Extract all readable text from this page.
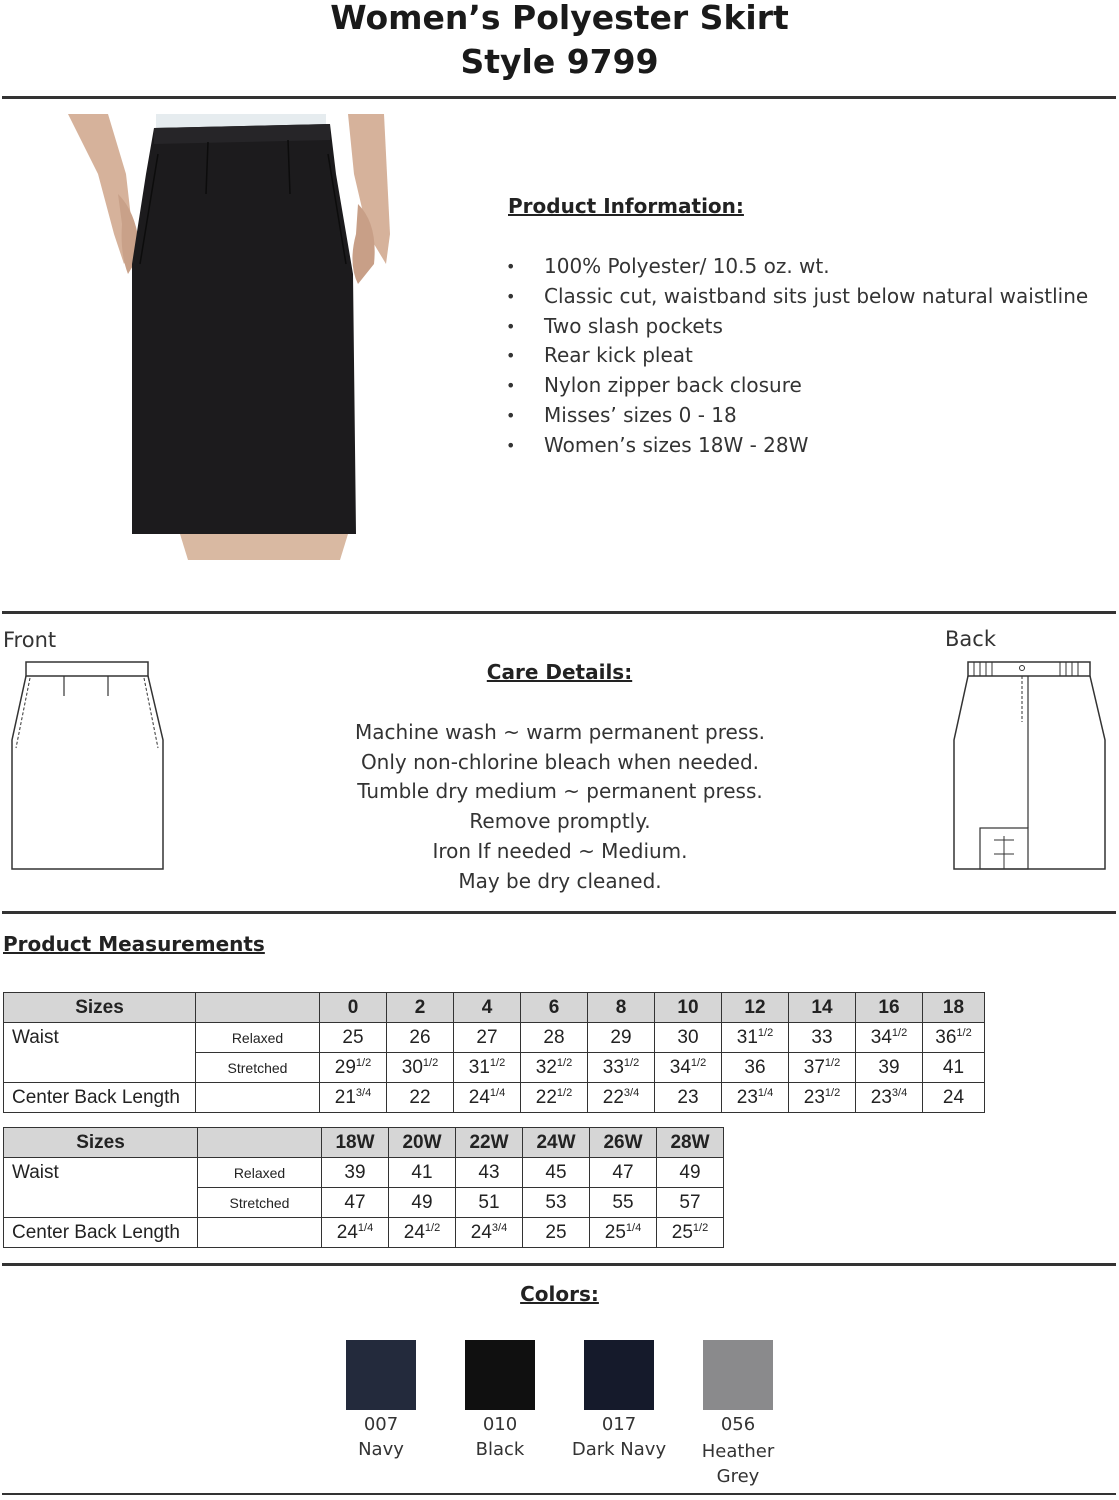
Women’s Polyester Skirt
Style 9799
Product Information:
• 100% Polyester/ 10.5 oz. wt.
• Classic cut, waistband sits just below natural waistline
• Two slash pockets
• Rear kick pleat
• Nylon zipper back closure
• Misses’ sizes 0 - 18
• Women’s sizes 18W - 28W
Front	Back
Care Details:
Machine wash ~ warm permanent press.
Only non-chlorine bleach when needed.
Tumble dry medium ~ permanent press.
Remove promptly.
Iron If needed ~ Medium.
May be dry cleaned.
Product Measurements
Sizes		0	2	4	6	8	10	12	14	16	18
Waist	Relaxed	25	26	27	28	29	30	$31^{1/2}$	33	$34^{1/2}$	$36^{1/2}$
	Stretched	$29^{1/2}$	$30^{1/2}$	$31^{1/2}$	$32^{1/2}$	$33^{1/2}$	$34^{1/2}$	36	$37^{1/2}$	39	41
Center Back Length		$21^{3/4}$	22	$24^{1/4}$	$22^{1/2}$	$22^{3/4}$	23	$23^{1/4}$	$23^{1/2}$	$23^{3/4}$	24
Sizes		18W	20W	22W	24W	26W	28W
Waist	Relaxed	39	41	43	45	47	49
	Stretched	47	49	51	53	55	57
Center Back Length		$24^{1/4}$	$24^{1/2}$	$24^{3/4}$	25	$25^{1/4}$	$25^{1/2}$
Colors:
007
Navy
010
Black
017
Dark Navy
056
Heather Grey
